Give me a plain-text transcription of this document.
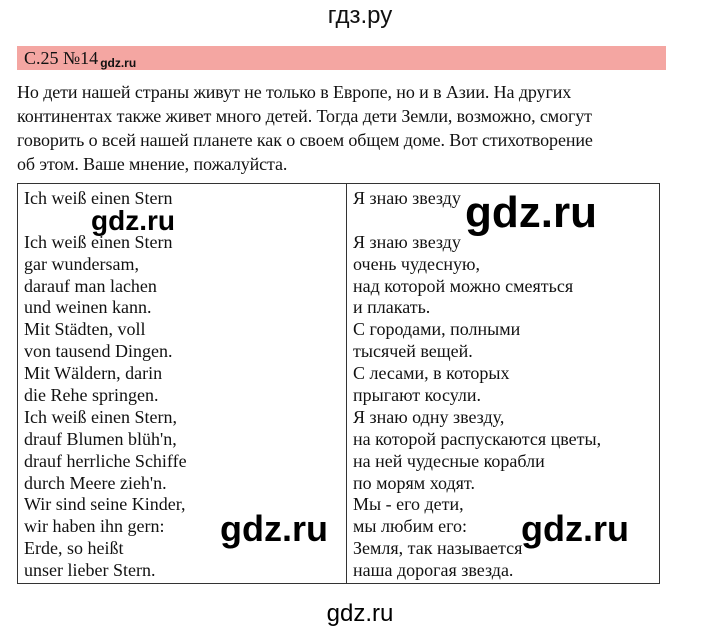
гдз.ру
С.25 №14 gdz.ru
Но дети нашей страны живут не только в Европе, но и в Азии. На других
континентах также живет много детей. Тогда дети Земли, возможно, смогут
говорить о всей нашей планете как о своем общем доме. Вот стихотворение
об этом. Ваше мнение, пожалуйста.
Ich weiß einen Stern
Ich weiß einen Stern
gar wundersam,
darauf man lachen
und weinen kann.
Mit Städten, voll
von tausend Dingen.
Mit Wäldern, darin
die Rehe springen.
Ich weiß einen Stern,
drauf Blumen blüh'n,
drauf herrliche Schiffe
durch Meere zieh'n.
Wir sind seine Kinder,
wir haben ihn gern:
Erde, so heißt
unser lieber Stern.

Я знаю звезду
Я знаю звезду
очень чудесную,
над которой можно смеяться
и плакать.
С городами, полными
тысячей вещей.
С лесами, в которых
прыгают косули.
Я знаю одну звезду,
на которой распускаются цветы,
на ней чудесные корабли
по морям ходят.
Мы - его дети,
мы любим его:
Земля, так называется
наша дорогая звезда.
gdz.ru	gdz.ru
gdz.ru	gdz.ru
gdz.ru
